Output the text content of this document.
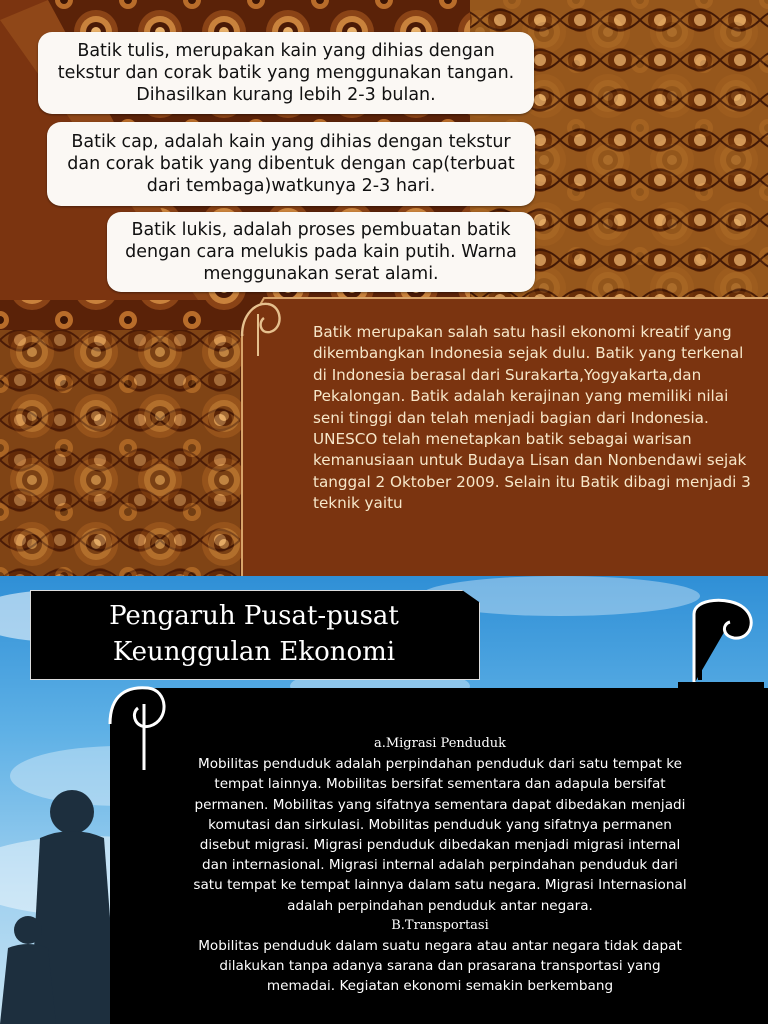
Batik tulis, merupakan kain yang dihias dengan tekstur dan corak batik yang menggunakan tangan. Dihasilkan kurang lebih 2-3 bulan.
Batik cap, adalah kain yang dihias dengan tekstur dan corak batik yang dibentuk dengan cap(terbuat dari tembaga)watkunya 2-3 hari.
Batik lukis, adalah proses pembuatan batik dengan cara melukis pada kain putih. Warna menggunakan serat alami.
Batik merupakan salah satu hasil ekonomi kreatif yang dikembangkan Indonesia sejak dulu. Batik yang terkenal di Indonesia berasal dari Surakarta,Yogyakarta,dan Pekalongan. Batik adalah kerajinan yang memiliki nilai seni tinggi dan telah menjadi bagian dari Indonesia. UNESCO telah menetapkan batik sebagai warisan kemanusiaan untuk Budaya Lisan dan Nonbendawi sejak tanggal 2 Oktober 2009. Selain itu Batik dibagi menjadi 3 teknik yaitu
Pengaruh Pusat-pusat
Keunggulan Ekonomi
a.Migrasi Penduduk
Mobilitas penduduk adalah perpindahan penduduk dari satu tempat ke tempat lainnya. Mobilitas bersifat sementara dan adapula bersifat permanen. Mobilitas yang sifatnya sementara dapat dibedakan menjadi komutasi dan sirkulasi. Mobilitas penduduk yang sifatnya permanen disebut migrasi. Migrasi penduduk dibedakan menjadi migrasi internal dan internasional. Migrasi internal adalah perpindahan penduduk dari satu tempat ke tempat lainnya dalam satu negara. Migrasi Internasional adalah perpindahan penduduk antar negara.
B.Transportasi
Mobilitas penduduk dalam suatu negara atau antar negara tidak dapat dilakukan tanpa adanya sarana dan prasarana transportasi yang memadai. Kegiatan ekonomi semakin berkembang
